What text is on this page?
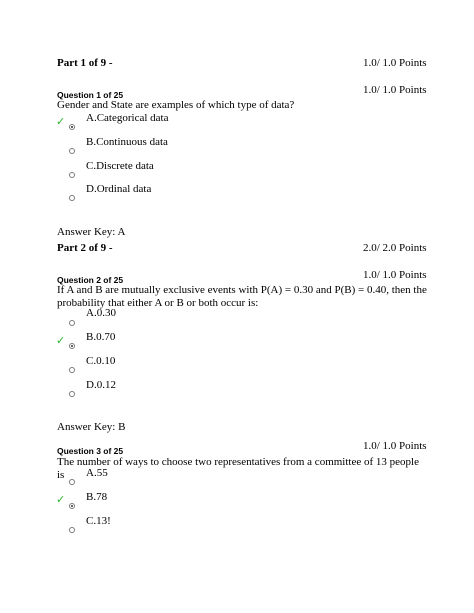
Part 1 of 9 -	1.0/ 1.0 Points
Question 1 of 25	1.0/ 1.0 Points
Gender and State are examples of which type of data?
✓ A.Categorical data
B.Continuous data
C.Discrete data
D.Ordinal data
Answer Key: A
Part 2 of 9 -	2.0/ 2.0 Points
Question 2 of 25	1.0/ 1.0 Points
If A and B are mutually exclusive events with P(A) = 0.30 and P(B) = 0.40, then the probability that either A or B or both occur is:
A.0.30
✓ B.0.70
C.0.10
D.0.12
Answer Key: B
Question 3 of 25	1.0/ 1.0 Points
The number of ways to choose two representatives from a committee of 13 people is	A.55
✓ B.78
C.13!
